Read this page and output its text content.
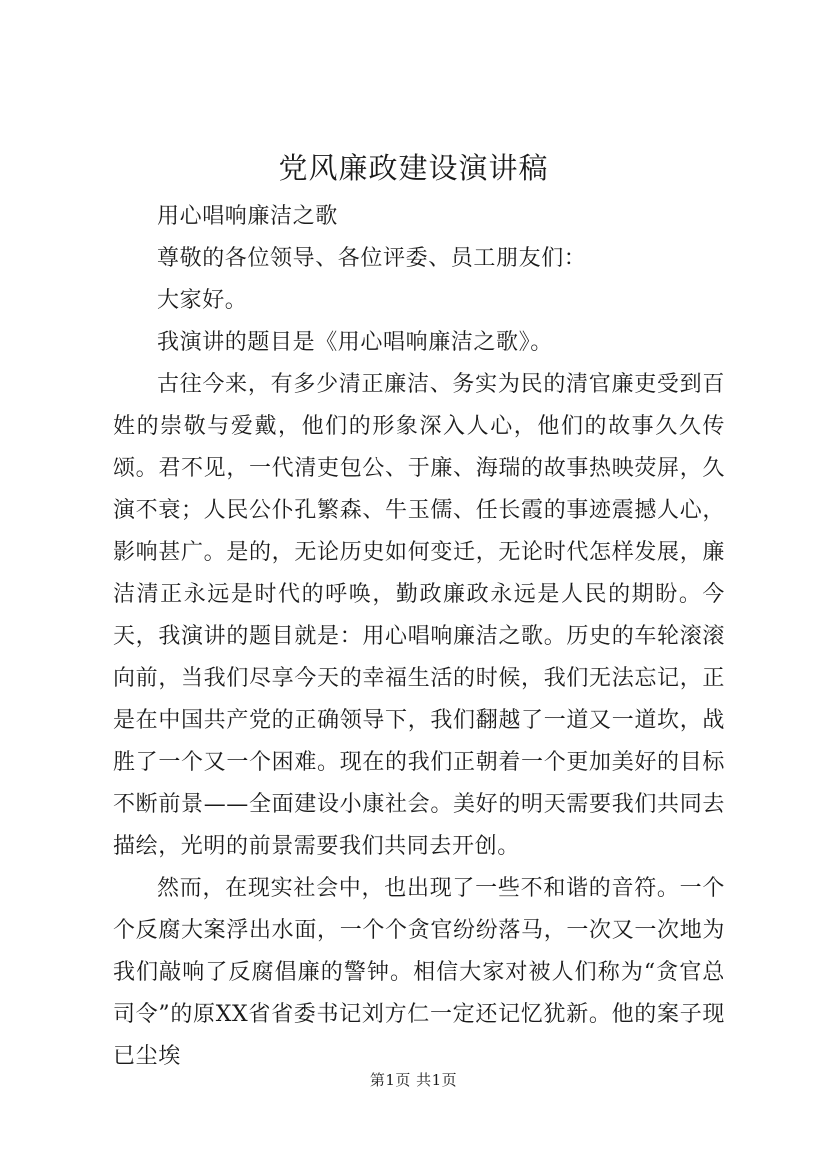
党风廉政建设演讲稿

用心唱响廉洁之歌

尊敬的各位领导、各位评委、员工朋友们：

大家好。

我演讲的题目是《用心唱响廉洁之歌》。

古往今来，有多少清正廉洁、务实为民的清官廉吏受到百姓的崇敬与爱戴，他们的形象深入人心，他们的故事久久传颂。君不见，一代清吏包公、于廉、海瑞的故事热映荧屏，久演不衰；人民公仆孔繁森、牛玉儒、任长霞的事迹震撼人心，影响甚广。是的，无论历史如何变迁，无论时代怎样发展，廉洁清正永远是时代的呼唤，勤政廉政永远是人民的期盼。今天，我演讲的题目就是：用心唱响廉洁之歌。历史的车轮滚滚向前，当我们尽享今天的幸福生活的时候，我们无法忘记，正是在中国共产党的正确领导下，我们翻越了一道又一道坎，战胜了一个又一个困难。现在的我们正朝着一个更加美好的目标不断前景——全面建设小康社会。美好的明天需要我们共同去描绘，光明的前景需要我们共同去开创。

然而，在现实社会中，也出现了一些不和谐的音符。一个个反腐大案浮出水面，一个个贪官纷纷落马，一次又一次地为我们敲响了反腐倡廉的警钟。相信大家对被人们称为“贪官总司令”的原XX省省委书记刘方仁一定还记忆犹新。他的案子现已尘埃

第1页 共1页
